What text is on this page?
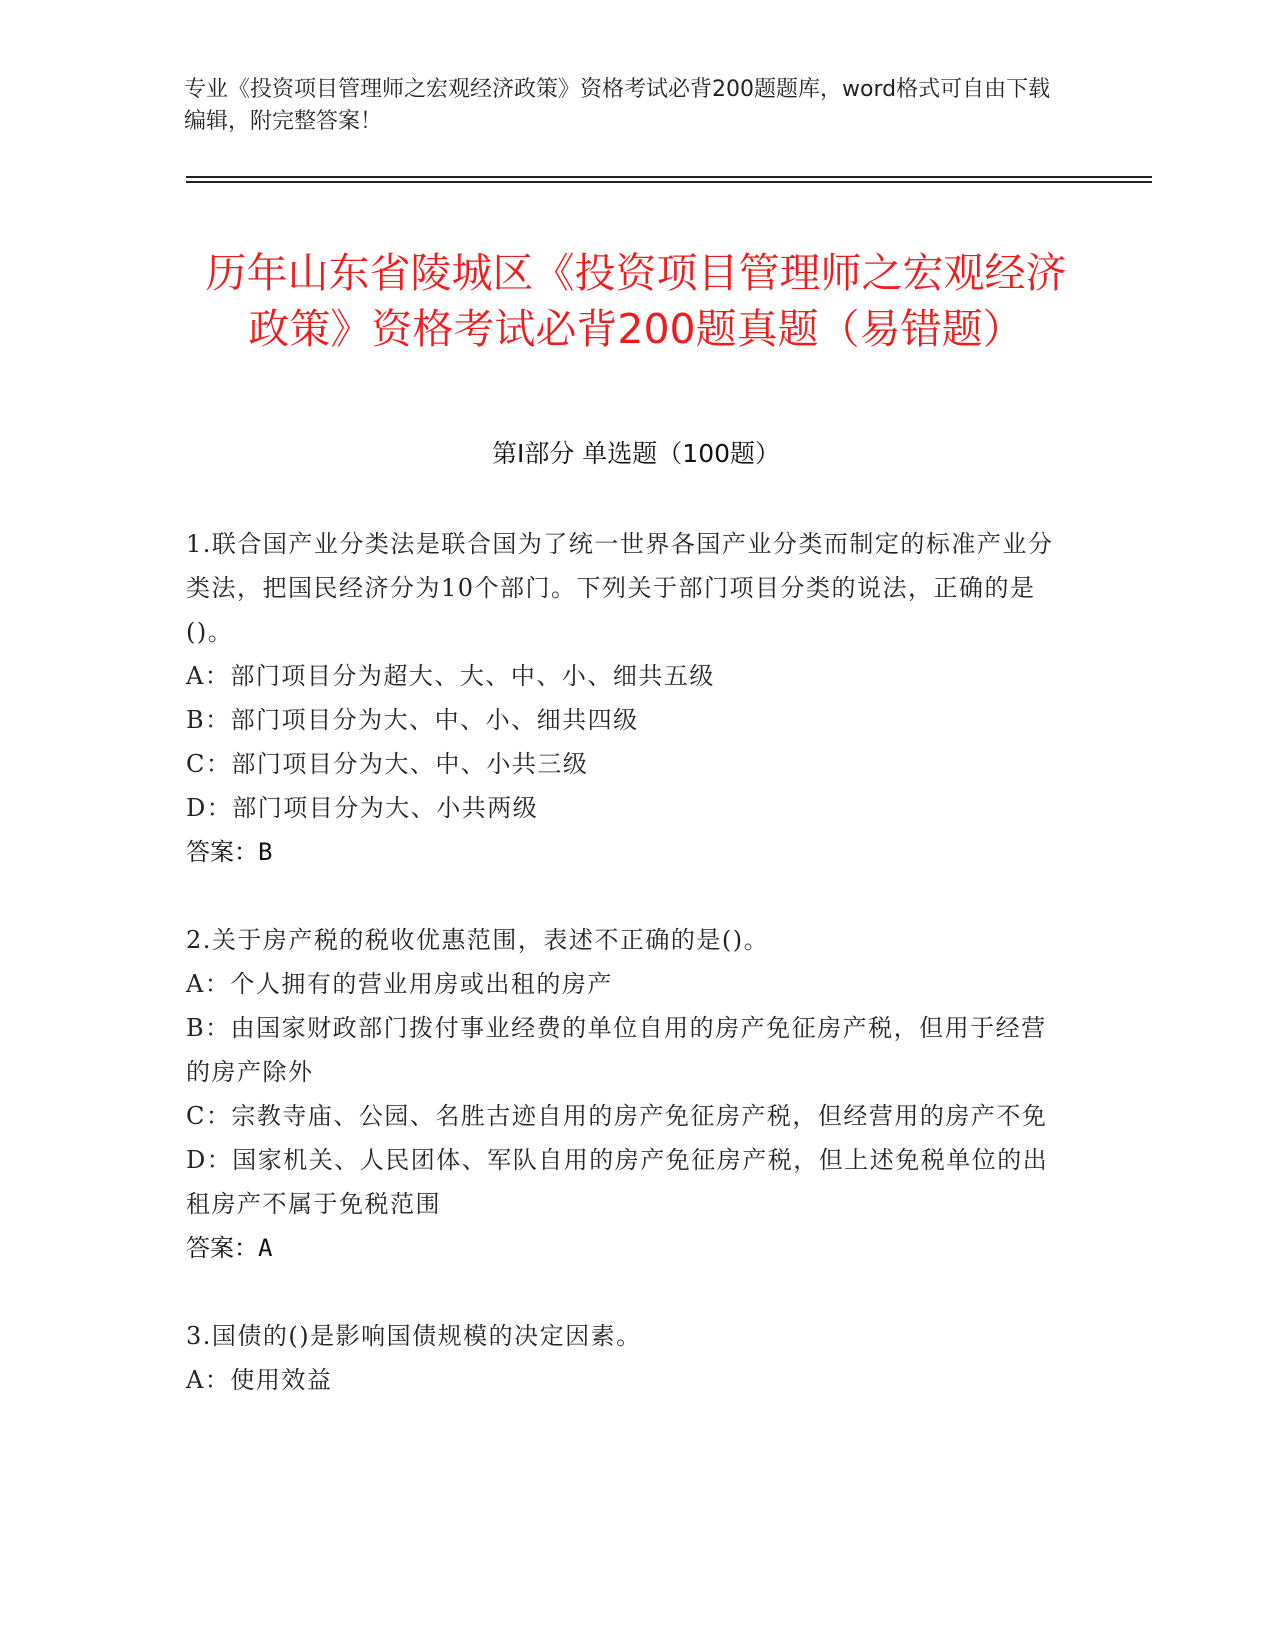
专业《投资项目管理师之宏观经济政策》资格考试必背200题题库，word格式可自由下载编辑，附完整答案！
历年山东省陵城区《投资项目管理师之宏观经济政策》资格考试必背200题真题（易错题）
第I部分 单选题（100题）

1.联合国产业分类法是联合国为了统一世界各国产业分类而制定的标准产业分类法，把国民经济分为10个部门。下列关于部门项目分类的说法，正确的是()。

A：部门项目分为超大、大、中、小、细共五级

B：部门项目分为大、中、小、细共四级

C：部门项目分为大、中、小共三级

D：部门项目分为大、小共两级

答案：B

2.关于房产税的税收优惠范围，表述不正确的是()。

A：个人拥有的营业用房或出租的房产

B：由国家财政部门拨付事业经费的单位自用的房产免征房产税，但用于经营的房产除外

C：宗教寺庙、公园、名胜古迹自用的房产免征房产税，但经营用的房产不免

D：国家机关、人民团体、军队自用的房产免征房产税，但上述免税单位的出租房产不属于免税范围

答案：A

3.国债的()是影响国债规模的决定因素。

A：使用效益
